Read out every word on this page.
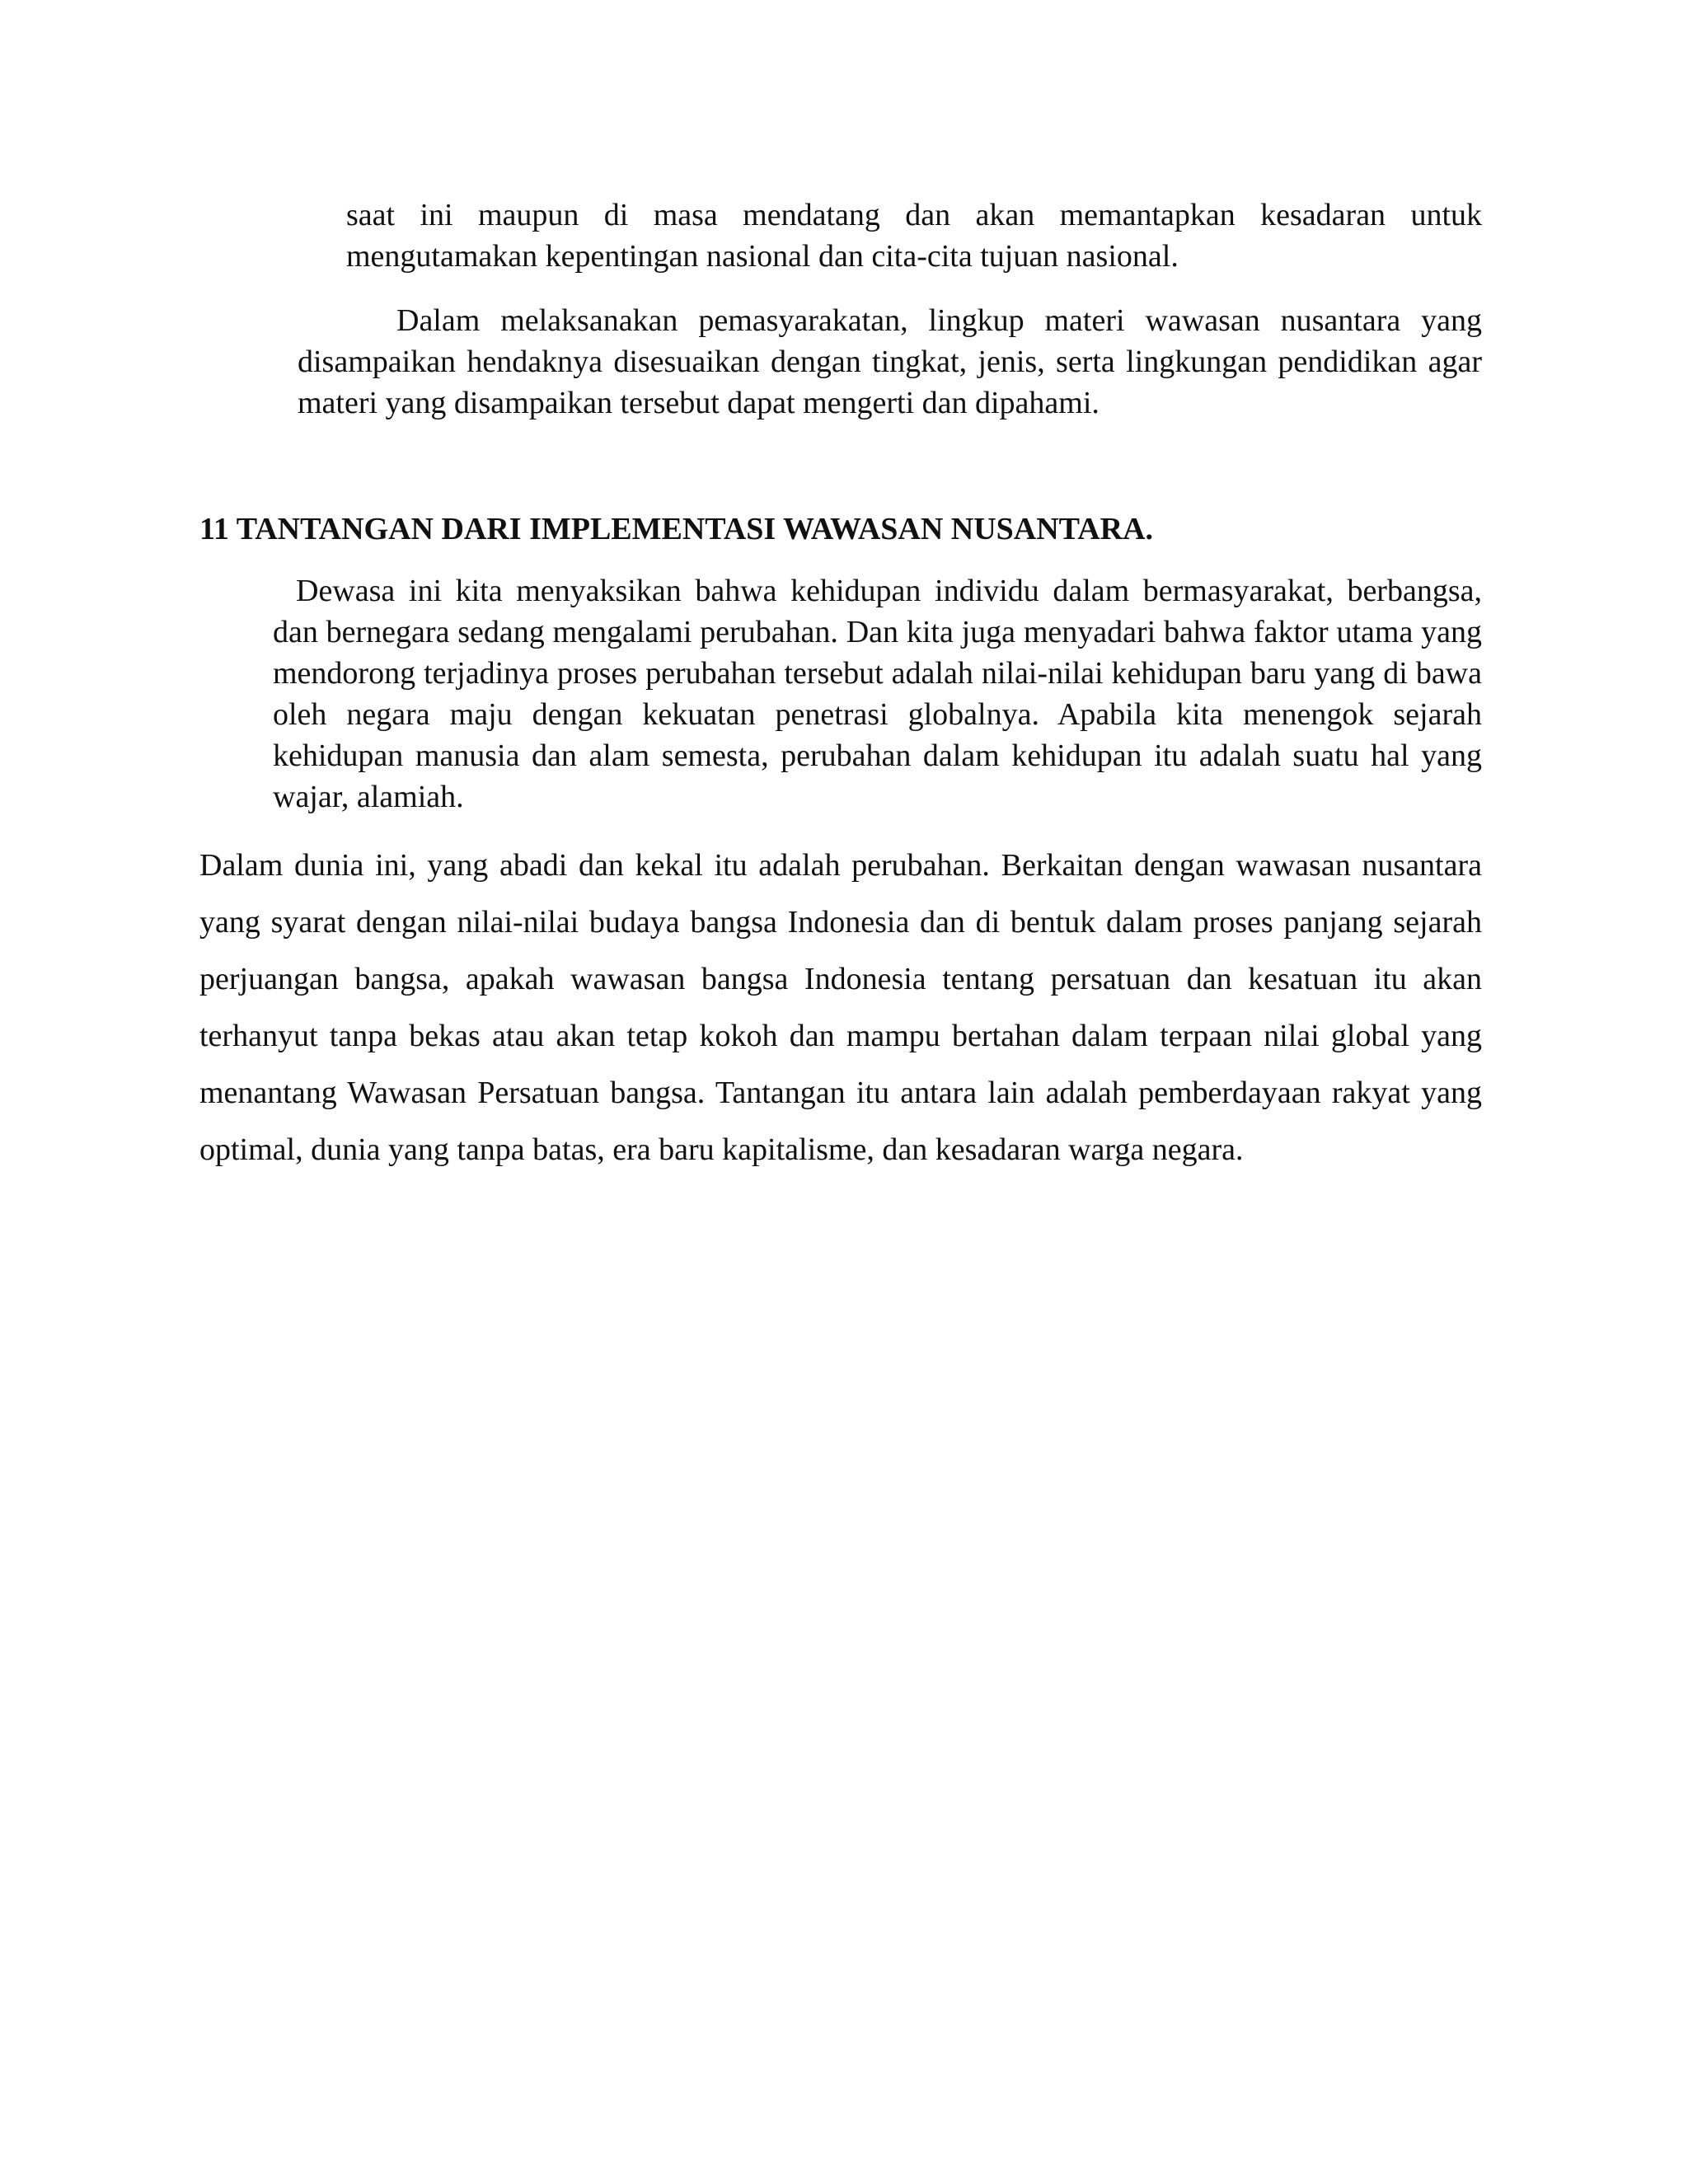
saat ini maupun di masa mendatang dan akan memantapkan kesadaran untuk mengutamakan kepentingan nasional dan cita-cita tujuan nasional.

Dalam melaksanakan pemasyarakatan, lingkup materi wawasan nusantara yang disampaikan hendaknya disesuaikan dengan tingkat, jenis, serta lingkungan pendidikan agar materi yang disampaikan tersebut dapat mengerti dan dipahami.

11 TANTANGAN DARI IMPLEMENTASI WAWASAN NUSANTARA.

Dewasa ini kita menyaksikan bahwa kehidupan individu dalam bermasyarakat, berbangsa, dan bernegara sedang mengalami perubahan. Dan kita juga menyadari bahwa faktor utama yang mendorong terjadinya proses perubahan tersebut adalah nilai-nilai kehidupan baru yang di bawa oleh negara maju dengan kekuatan penetrasi globalnya. Apabila kita menengok sejarah kehidupan manusia dan alam semesta, perubahan dalam kehidupan itu adalah suatu hal yang wajar, alamiah.

Dalam dunia ini, yang abadi dan kekal itu adalah perubahan. Berkaitan dengan wawasan nusantara yang syarat dengan nilai-nilai budaya bangsa Indonesia dan di bentuk dalam proses panjang sejarah perjuangan bangsa, apakah wawasan bangsa Indonesia tentang persatuan dan kesatuan itu akan terhanyut tanpa bekas atau akan tetap kokoh dan mampu bertahan dalam terpaan nilai global yang menantang Wawasan Persatuan bangsa. Tantangan itu antara lain adalah pemberdayaan rakyat yang optimal, dunia yang tanpa batas, era baru kapitalisme, dan kesadaran warga negara.
